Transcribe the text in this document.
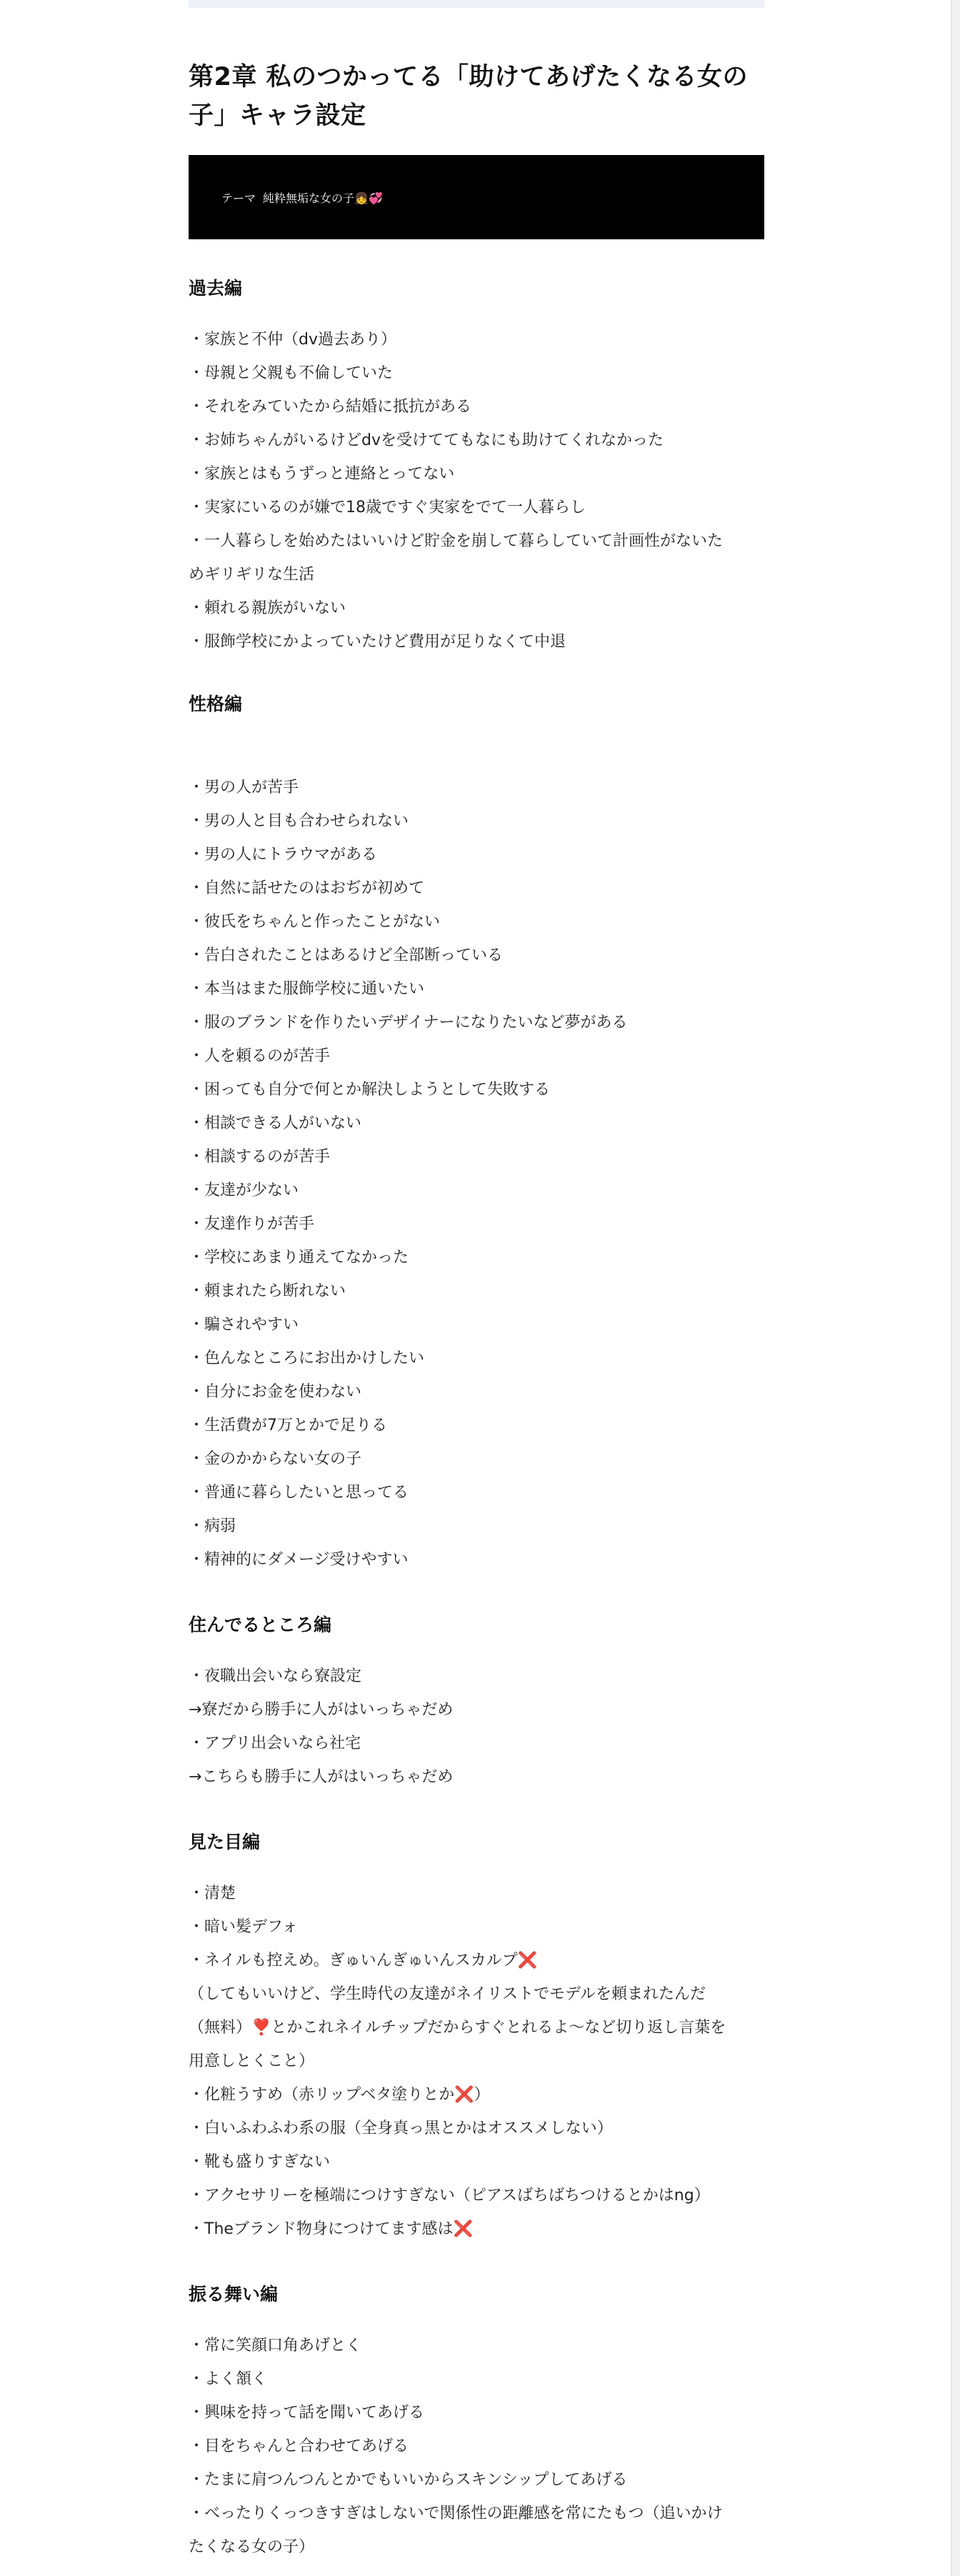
第2章 私のつかってる「助けてあげたくなる女の
子」キャラ設定
テーマ 純粋無垢な女の子👧💞
過去編
・家族と不仲（dv過去あり）
・母親と父親も不倫していた
・それをみていたから結婚に抵抗がある
・お姉ちゃんがいるけどdvを受けててもなにも助けてくれなかった
・家族とはもうずっと連絡とってない
・実家にいるのが嫌で18歳ですぐ実家をでて一人暮らし
・一人暮らしを始めたはいいけど貯金を崩して暮らしていて計画性がないた
めギリギリな生活
・頼れる親族がいない
・服飾学校にかよっていたけど費用が足りなくて中退
性格編
・男の人が苦手
・男の人と目も合わせられない
・男の人にトラウマがある
・自然に話せたのはおぢが初めて
・彼氏をちゃんと作ったことがない
・告白されたことはあるけど全部断っている
・本当はまた服飾学校に通いたい
・服のブランドを作りたいデザイナーになりたいなど夢がある
・人を頼るのが苦手
・困っても自分で何とか解決しようとして失敗する
・相談できる人がいない
・相談するのが苦手
・友達が少ない
・友達作りが苦手
・学校にあまり通えてなかった
・頼まれたら断れない
・騙されやすい
・色んなところにお出かけしたい
・自分にお金を使わない
・生活費が7万とかで足りる
・金のかからない女の子
・普通に暮らしたいと思ってる
・病弱
・精神的にダメージ受けやすい
住んでるところ編
・夜職出会いなら寮設定
→寮だから勝手に人がはいっちゃだめ
・アプリ出会いなら社宅
→こちらも勝手に人がはいっちゃだめ
見た目編
・清楚
・暗い髪デフォ
・ネイルも控えめ。ぎゅいんぎゅいんスカルプ❌
（してもいいけど、学生時代の友達がネイリストでモデルを頼まれたんだ
（無料）❣️とかこれネイルチップだからすぐとれるよ〜など切り返し言葉を
用意しとくこと）
・化粧うすめ（赤リップベタ塗りとか❌）
・白いふわふわ系の服（全身真っ黒とかはオススメしない）
・靴も盛りすぎない
・アクセサリーを極端につけすぎない（ピアスばちばちつけるとかはng）
・Theブランド物身につけてます感は❌
振る舞い編
・常に笑顔口角あげとく
・よく頷く
・興味を持って話を聞いてあげる
・目をちゃんと合わせてあげる
・たまに肩つんつんとかでもいいからスキンシップしてあげる
・べったりくっつきすぎはしないで関係性の距離感を常にたもつ（追いかけ
たくなる女の子）
